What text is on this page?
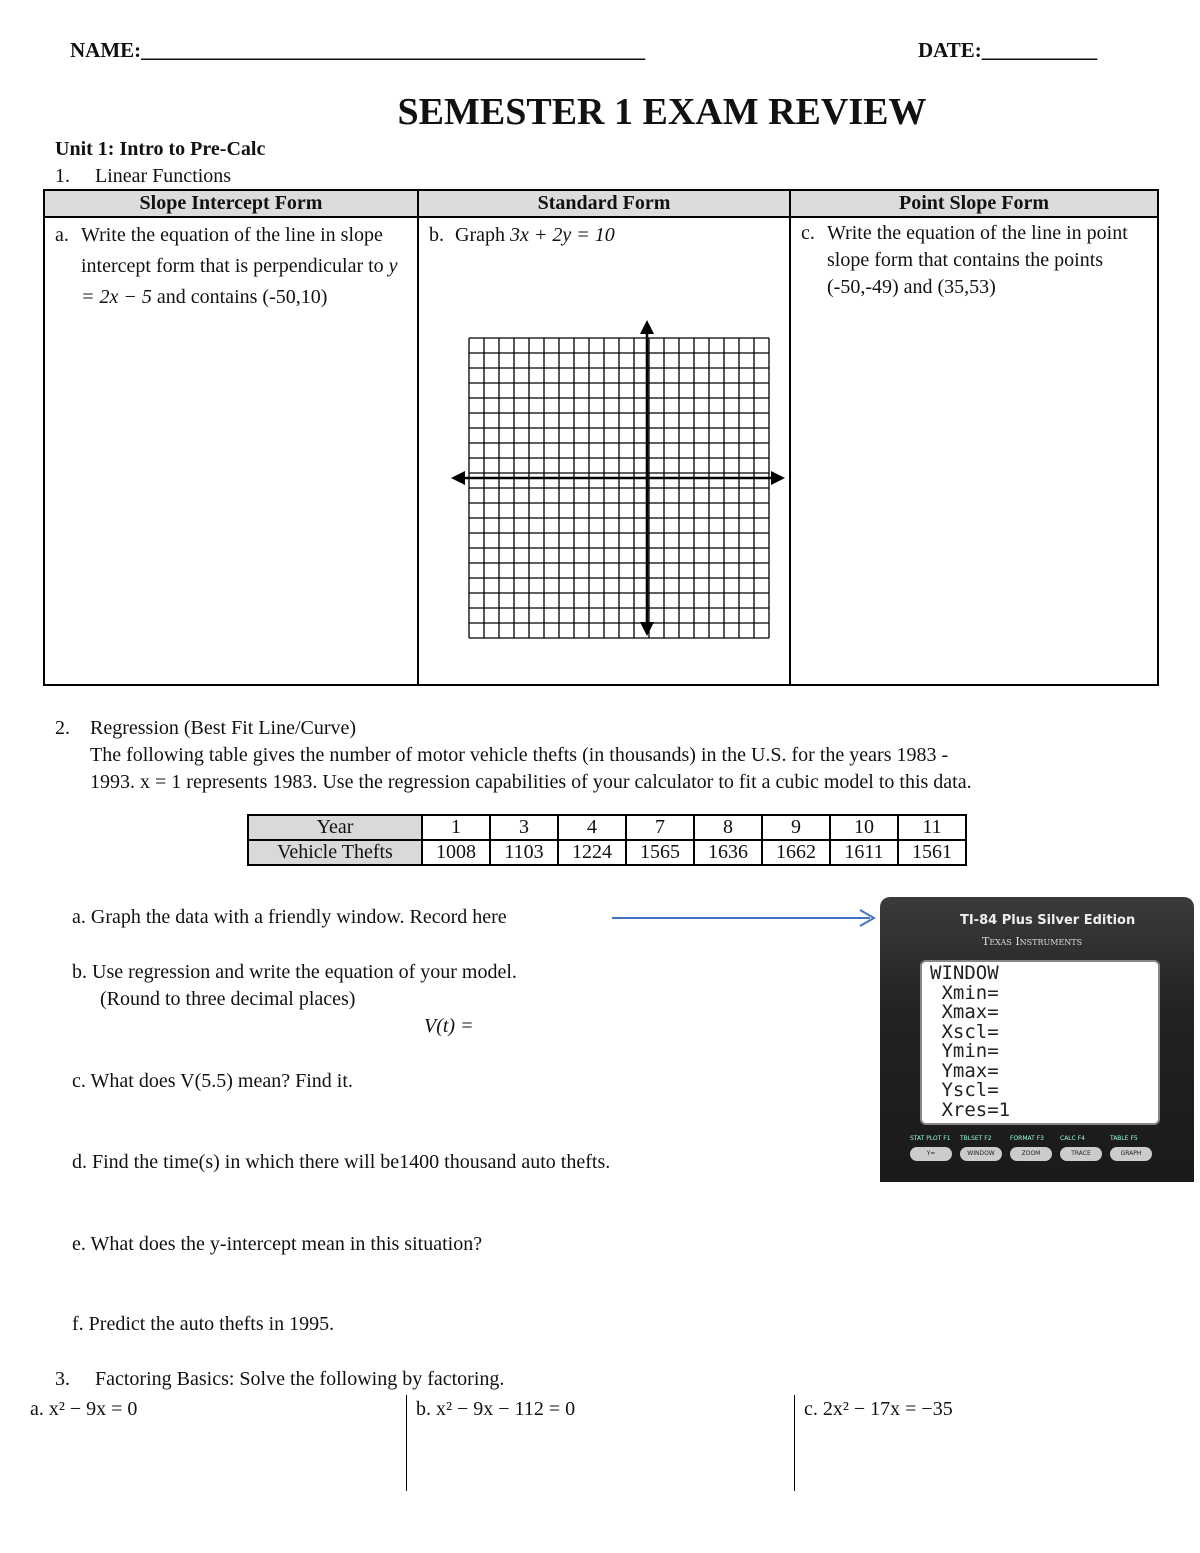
NAME:________________________________________________	DATE:___________
SEMESTER 1 EXAM REVIEW
Unit 1: Intro to Pre-Calc
1. Linear Functions
Slope Intercept Form	Standard Form	Point Slope Form

a. Write the equation of the line in slope intercept form that is perpendicular to y = 2x − 5 and contains (-50,10)	b. Graph 3x + 2y = 10	c. Write the equation of the line in point slope form that contains the points (-50,-49) and (35,53)
2. Regression (Best Fit Line/Curve)
The following table gives the number of motor vehicle thefts (in thousands) in the U.S. for the years 1983 -
1993. x = 1 represents 1983. Use the regression capabilities of your calculator to fit a cubic model to this data.
Year	1	3	4	7	8	9	10	11
Vehicle Thefts	1008	1103	1224	1565	1636	1662	1611	1561
a. Graph the data with a friendly window. Record here
b. Use regression and write the equation of your model.
(Round to three decimal places)
V(t) =
c. What does V(5.5) mean? Find it.
d. Find the time(s) in which there will be1400 thousand auto thefts.
e. What does the y-intercept mean in this situation?
f. Predict the auto thefts in 1995.
TI-84 Plus Silver Edition
Texas Instruments
WINDOW
Xmin=
Xmax=
Xscl=
Ymin=
Ymax=
Yscl=
Xres=1
STAT PLOT F1 TBLSET F2	FORMAT F3	CALC F4	TABLE F5
Y=	WINDOW	ZOOM	TRACE	GRAPH
3. Factoring Basics: Solve the following by factoring.
a. x² − 9x = 0	b. x² − 9x − 112 = 0	c. 2x² − 17x = −35
